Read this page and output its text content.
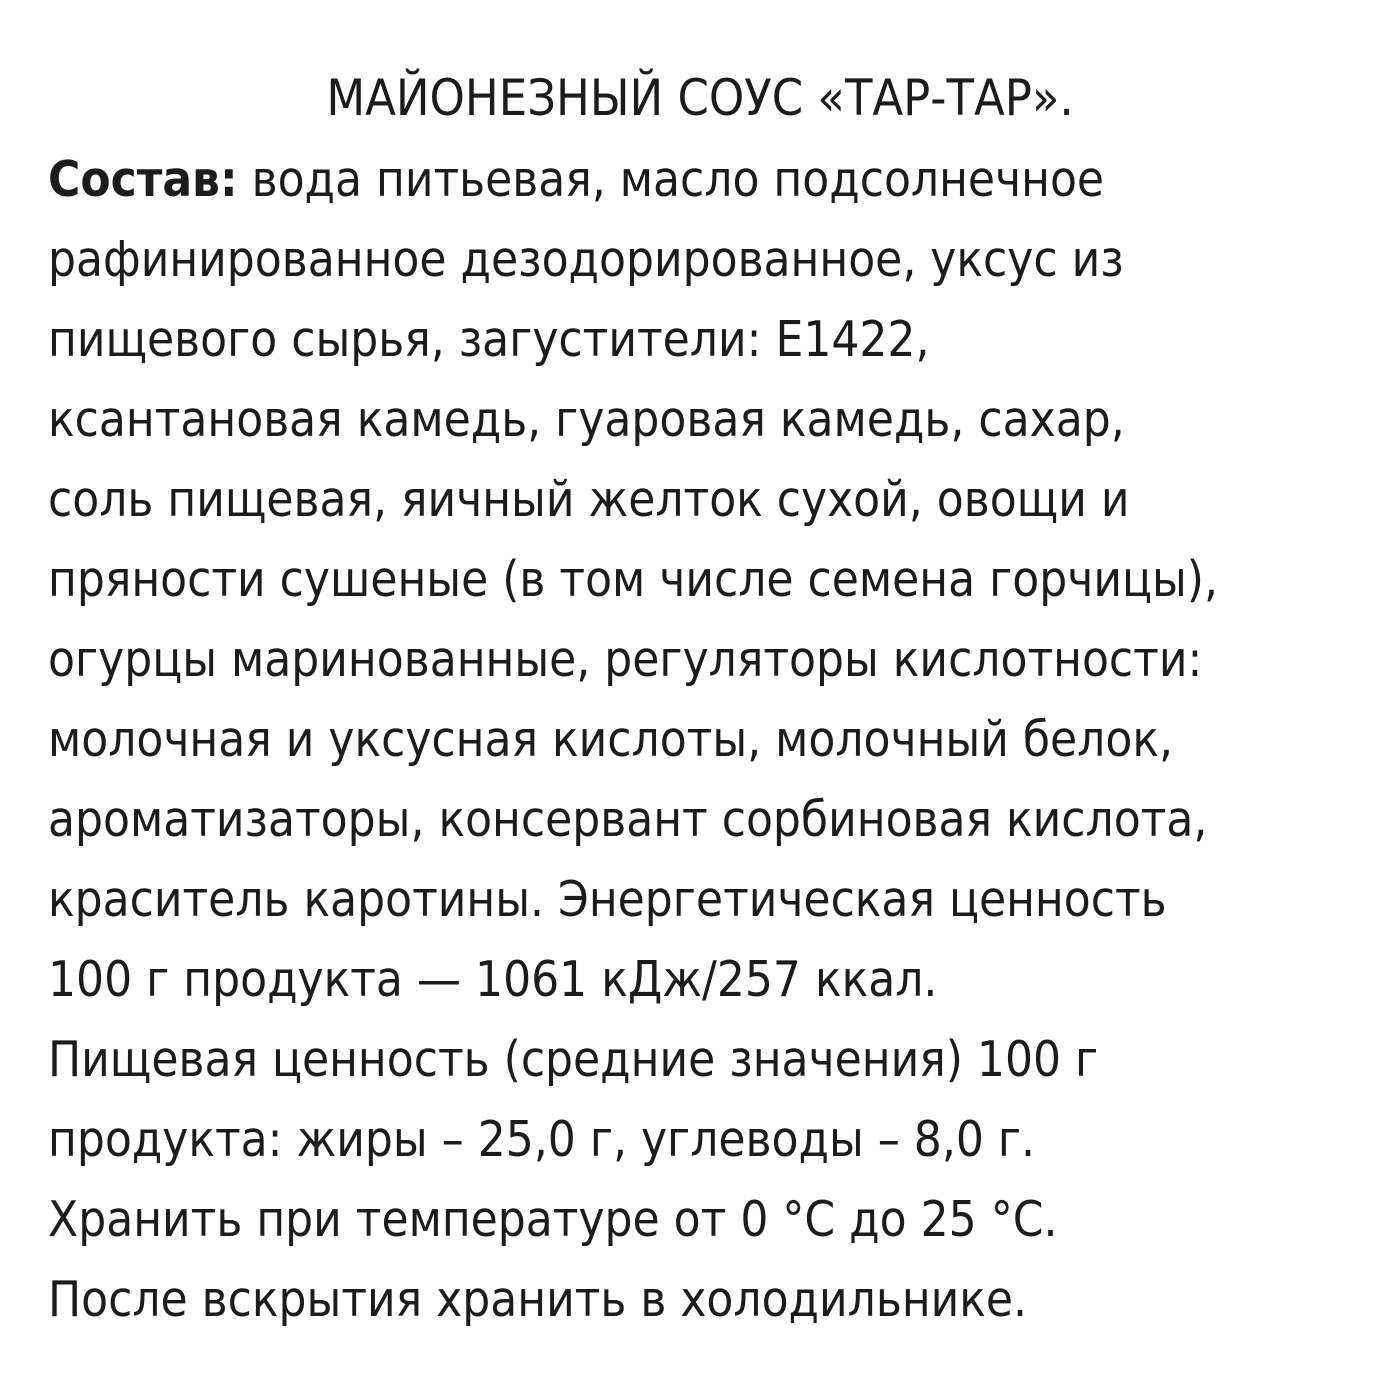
МАЙОНЕЗНЫЙ СОУС «ТАР-ТАР».
Состав: вода питьевая, масло подсолнечное
рафинированное дезодорированное, уксус из
пищевого сырья, загустители: Е1422,
ксантановая камедь, гуаровая камедь, сахар,
соль пищевая, яичный желток сухой, овощи и
пряности сушеные (в том числе семена горчицы),
огурцы маринованные, регуляторы кислотности:
молочная и уксусная кислоты, молочный белок,
ароматизаторы, консервант сорбиновая кислота,
краситель каротины. Энергетическая ценность
100 г продукта — 1061 кДж/257 ккал.
Пищевая ценность (средние значения) 100 г
продукта: жиры – 25,0 г, углеводы – 8,0 г.
Хранить при температуре от 0 °С до 25 °С.
После вскрытия хранить в холодильнике.
